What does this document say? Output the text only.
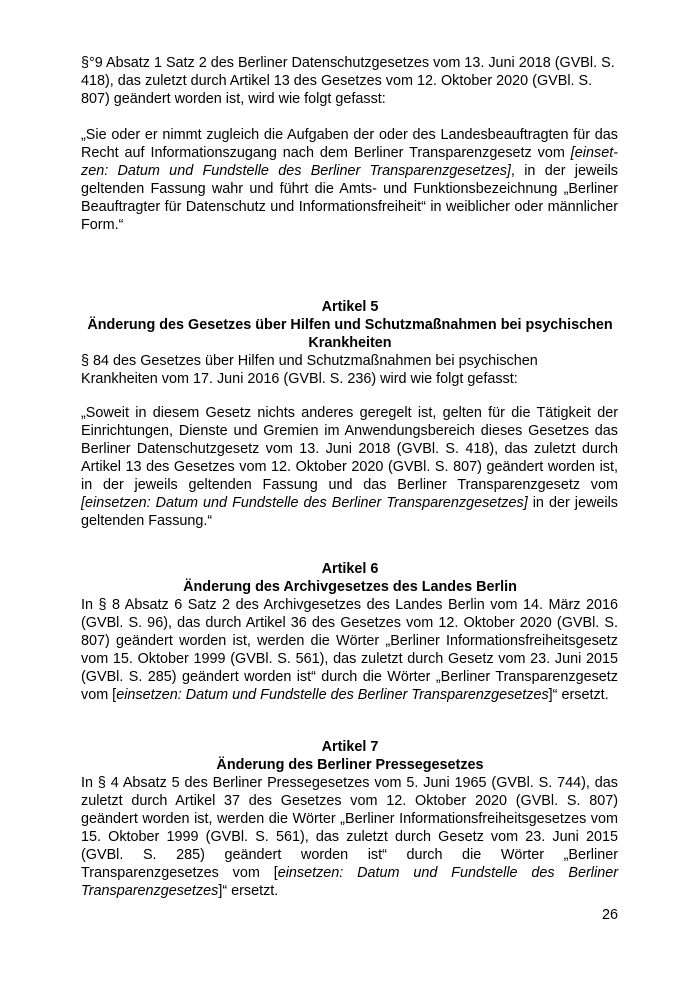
§°9 Absatz 1 Satz 2 des Berliner Datenschutzgesetzes vom 13. Juni 2018 (GVBl. S. 418), das zuletzt durch Artikel 13 des Gesetzes vom 12. Oktober 2020 (GVBl. S. 807) geändert worden ist, wird wie folgt gefasst:

„Sie oder er nimmt zugleich die Aufgaben der oder des Landesbeauftragten für das Recht auf Informationszugang nach dem Berliner Transparenzgesetz vom [einsetzen: Datum und Fundstelle des Berliner Transparenzgesetzes], in der jeweils geltenden Fassung wahr und führt die Amts- und Funktionsbezeichnung „Berliner Beauftragter für Datenschutz und Informationsfreiheit“ in weiblicher oder männlicher Form.“

Artikel 5

Änderung des Gesetzes über Hilfen und Schutzmaßnahmen bei psychischen

Krankheiten

§ 84 des Gesetzes über Hilfen und Schutzmaßnahmen bei psychischen Krankheiten vom 17. Juni 2016 (GVBl. S. 236) wird wie folgt gefasst:

„Soweit in diesem Gesetz nichts anderes geregelt ist, gelten für die Tätigkeit der Einrichtungen, Dienste und Gremien im Anwendungsbereich dieses Gesetzes das Berliner Datenschutzgesetz vom 13. Juni 2018 (GVBl. S. 418), das zuletzt durch Artikel 13 des Gesetzes vom 12. Oktober 2020 (GVBl. S. 807) geändert worden ist, in der jeweils geltenden Fassung und das Berliner Transparenzgesetz vom [einsetzen: Datum und Fundstelle des Berliner Transparenzgesetzes] in der jeweils geltenden Fassung.“

Artikel 6

Änderung des Archivgesetzes des Landes Berlin

In § 8 Absatz 6 Satz 2 des Archivgesetzes des Landes Berlin vom 14. März 2016 (GVBl. S. 96), das durch Artikel 36 des Gesetzes vom 12. Oktober 2020 (GVBl. S. 807) geändert worden ist, werden die Wörter „Berliner Informationsfreiheitsgesetz vom 15. Oktober 1999 (GVBl. S. 561), das zuletzt durch Gesetz vom 23. Juni 2015 (GVBl. S. 285) geändert worden ist“ durch die Wörter „Berliner Transparenzgesetz vom [einsetzen: Datum und Fundstelle des Berliner Transparenzgesetzes]“ ersetzt.

Artikel 7

Änderung des Berliner Pressegesetzes

In § 4 Absatz 5 des Berliner Pressegesetzes vom 5. Juni 1965 (GVBl. S. 744), das zuletzt durch Artikel 37 des Gesetzes vom 12. Oktober 2020 (GVBl. S. 807) geändert worden ist, werden die Wörter „Berliner Informationsfreiheitsgesetzes vom 15. Oktober 1999 (GVBl. S. 561), das zuletzt durch Gesetz vom 23. Juni 2015 (GVBl. S. 285) geändert worden ist“ durch die Wörter „Berliner Transparenzgesetzes vom [einsetzen: Datum und Fundstelle des Berliner Transparenzgesetzes]“ ersetzt.

26
